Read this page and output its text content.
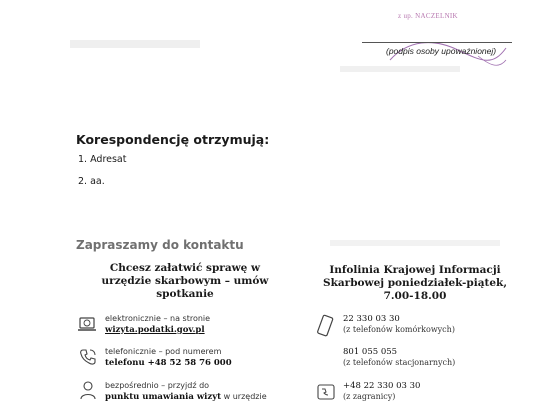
z up. NACZELNIK
(podpis osoby upoważnionej)
Korespondencję otrzymują:
1. Adresat
2. aa.
Zapraszamy do kontaktu
Chcesz załatwić sprawę w
urzędzie skarbowym – umów
spotkanie
Infolinia Krajowej Informacji
Skarbowej poniedziałek-piątek,
7.00-18.00
elektronicznie – na stronie
wizyta.podatki.gov.pl
telefonicznie – pod numerem
telefonu +48 52 58 76 000
bezpośrednio – przyjdź do
punktu umawiania wizyt w urzędzie
22 330 03 30
(z telefonów komórkowych)
801 055 055
(z telefonów stacjonarnych)
+48 22 330 03 30
(z zagranicy)
